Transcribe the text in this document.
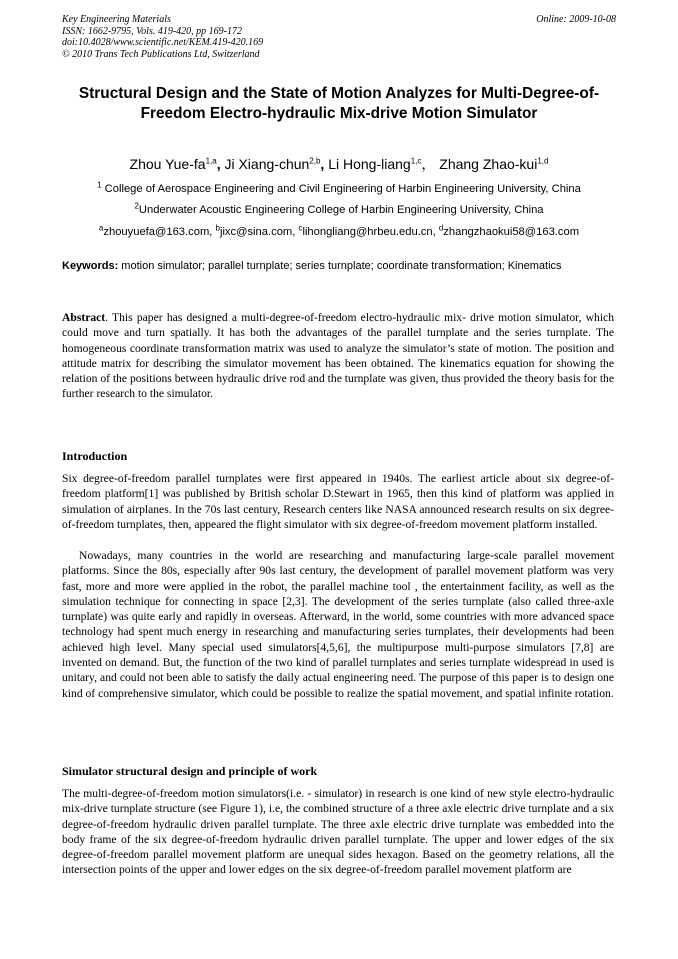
Key Engineering Materials
ISSN: 1662-9795, Vols. 419-420, pp 169-172
doi:10.4028/www.scientific.net/KEM.419-420.169
© 2010 Trans Tech Publications Ltd, Switzerland
Online: 2009-10-08
Structural Design and the State of Motion Analyzes for Multi-Degree-of-Freedom Electro-hydraulic Mix-drive Motion Simulator
Zhou Yue-fa$^{1,a}$, Ji Xiang-chun$^{2,b}$, Li Hong-liang$^{1,c}$， Zhang Zhao-kui$^{1,d}$
$^1$ College of Aerospace Engineering and Civil Engineering of Harbin Engineering University, China
$^2$Underwater Acoustic Engineering College of Harbin Engineering University, China
$^a$zhouyuefa@163.com, $^b$jixc@sina.com, $^c$lihongliang@hrbeu.edu.cn, $^d$zhangzhaokui58@163.com
Keywords: motion simulator; parallel turnplate; series turnplate; coordinate transformation; Kinematics
Abstract. This paper has designed a multi-degree-of-freedom electro-hydraulic mix- drive motion simulator, which could move and turn spatially. It has both the advantages of the parallel turnplate and the series turnplate. The homogeneous coordinate transformation matrix was used to analyze the simulator’s state of motion. The position and attitude matrix for describing the simulator movement has been obtained. The kinematics equation for showing the relation of the positions between hydraulic drive rod and the turnplate was given, thus provided the theory basis for the further research to the simulator.
Introduction
Six degree-of-freedom parallel turnplates were first appeared in 1940s. The earliest article about six degree-of-freedom platform[1] was published by British scholar D.Stewart in 1965, then this kind of platform was applied in simulation of airplanes. In the 70s last century, Research centers like NASA announced research results on six degree-of-freedom turnplates, then, appeared the flight simulator with six degree-of-freedom movement platform installed.
Nowadays, many countries in the world are researching and manufacturing large-scale parallel movement platforms. Since the 80s, especially after 90s last century, the development of parallel movement platform was very fast, more and more were applied in the robot, the parallel machine tool , the entertainment facility, as well as the simulation technique for connecting in space [2,3]. The development of the series turnplate (also called three-axle turnplate) was quite early and rapidly in overseas. Afterward, in the world, some countries with more advanced space technology had spent much energy in researching and manufacturing series turnplates, their developments had been achieved high level. Many special used simulators[4,5,6], the multipurpose multi-purpose simulators [7,8] are invented on demand. But, the function of the two kind of parallel turnplates and series turnplate widespread in used is unitary, and could not been able to satisfy the daily actual engineering need. The purpose of this paper is to design one kind of comprehensive simulator, which could be possible to realize the spatial movement, and spatial infinite rotation.
Simulator structural design and principle of work
The multi-degree-of-freedom motion simulators(i.e. - simulator) in research is one kind of new style electro-hydraulic mix-drive turnplate structure (see Figure 1), i.e, the combined structure of a three axle electric drive turnplate and a six degree-of-freedom hydraulic driven parallel turnplate. The three axle electric drive turnplate was embedded into the body frame of the six degree-of-freedom hydraulic driven parallel turnplate. The upper and lower edges of the six degree-of-freedom parallel movement platform are unequal sides hexagon. Based on the geometry relations, all the intersection points of the upper and lower edges on the six degree-of-freedom parallel movement platform are
